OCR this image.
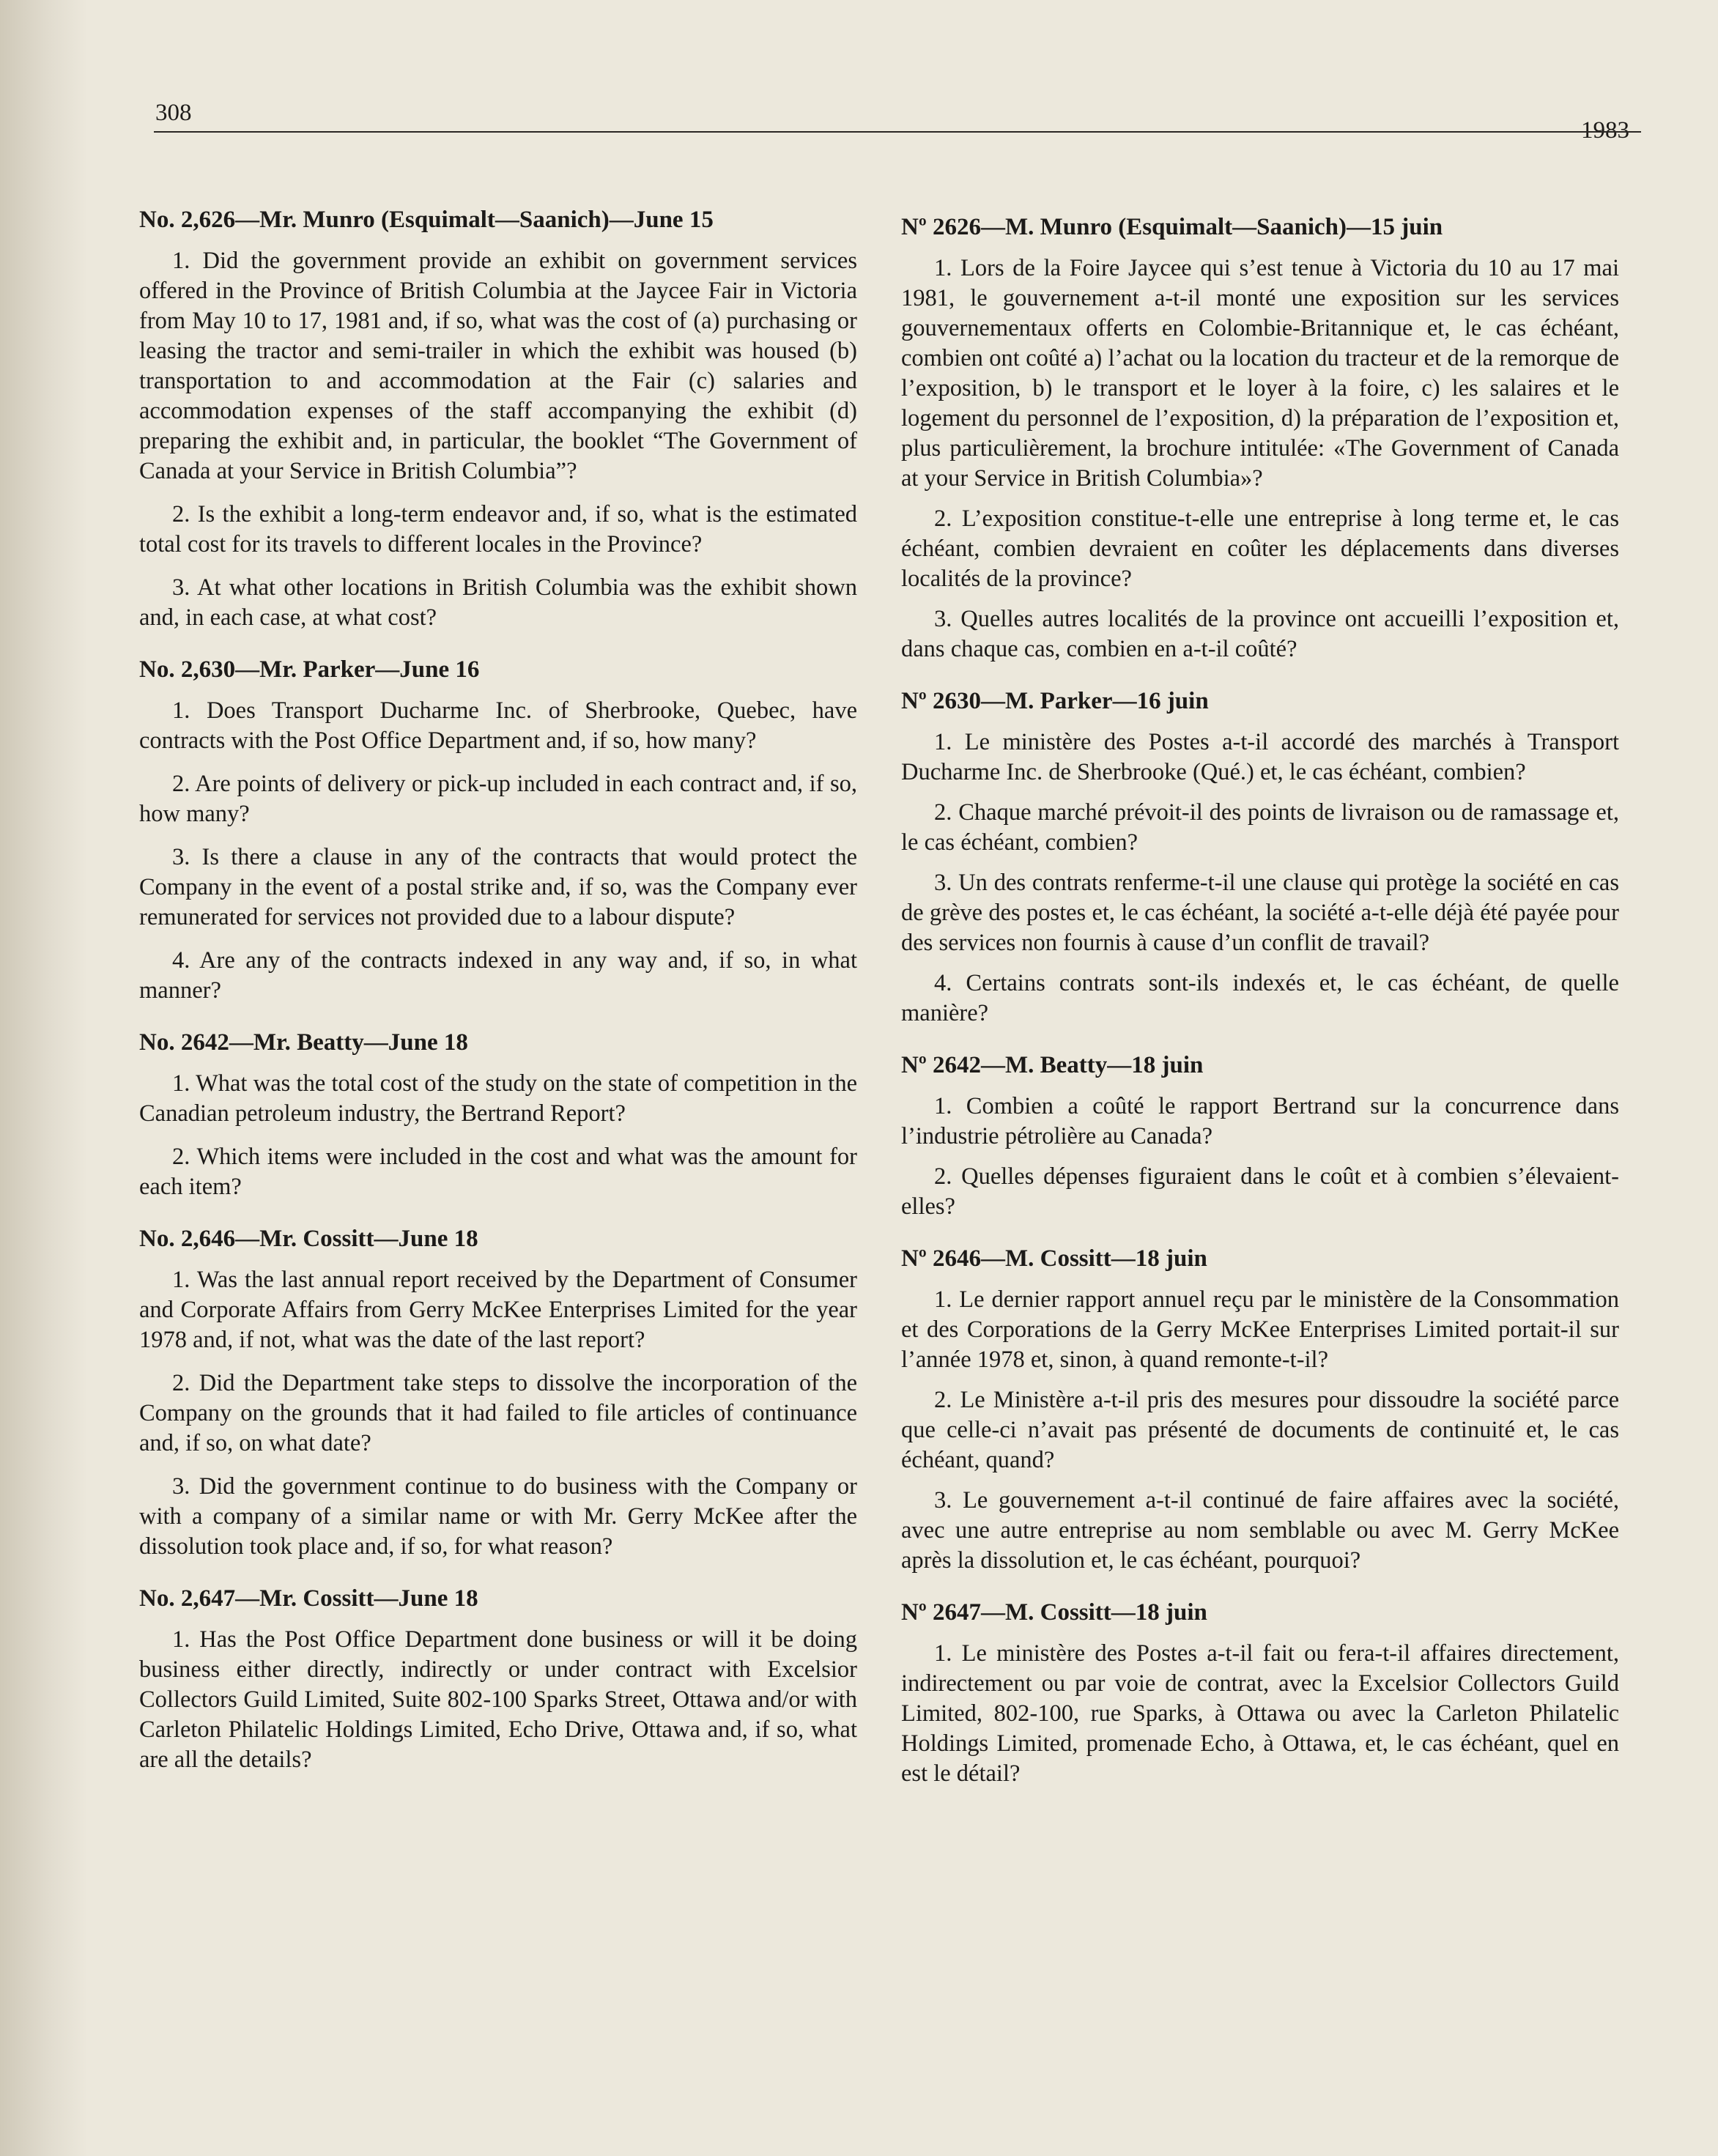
308
1983
No. 2,626—Mr. Munro (Esquimalt—Saanich)—June 15

1. Did the government provide an exhibit on government services offered in the Province of British Columbia at the Jaycee Fair in Victoria from May 10 to 17, 1981 and, if so, what was the cost of (a) purchasing or leasing the tractor and semi-trailer in which the exhibit was housed (b) transportation to and accommodation at the Fair (c) salaries and accommodation expenses of the staff accompanying the exhibit (d) preparing the exhibit and, in particular, the booklet “The Government of Canada at your Service in British Columbia”?

2. Is the exhibit a long-term endeavor and, if so, what is the estimated total cost for its travels to different locales in the Province?

3. At what other locations in British Columbia was the exhibit shown and, in each case, at what cost?

No. 2,630—Mr. Parker—June 16

1. Does Transport Ducharme Inc. of Sherbrooke, Quebec, have contracts with the Post Office Department and, if so, how many?

2. Are points of delivery or pick-up included in each contract and, if so, how many?

3. Is there a clause in any of the contracts that would protect the Company in the event of a postal strike and, if so, was the Company ever remunerated for services not provided due to a labour dispute?

4. Are any of the contracts indexed in any way and, if so, in what manner?

No. 2642—Mr. Beatty—June 18

1. What was the total cost of the study on the state of competition in the Canadian petroleum industry, the Bertrand Report?

2. Which items were included in the cost and what was the amount for each item?

No. 2,646—Mr. Cossitt—June 18

1. Was the last annual report received by the Department of Consumer and Corporate Affairs from Gerry McKee Enterprises Limited for the year 1978 and, if not, what was the date of the last report?

2. Did the Department take steps to dissolve the incorporation of the Company on the grounds that it had failed to file articles of continuance and, if so, on what date?

3. Did the government continue to do business with the Company or with a company of a similar name or with Mr. Gerry McKee after the dissolution took place and, if so, for what reason?

No. 2,647—Mr. Cossitt—June 18

1. Has the Post Office Department done business or will it be doing business either directly, indirectly or under contract with Excelsior Collectors Guild Limited, Suite 802-100 Sparks Street, Ottawa and/or with Carleton Philatelic Holdings Limited, Echo Drive, Ottawa and, if so, what are all the details?

Nº 2626—M. Munro (Esquimalt—Saanich)—15 juin

1. Lors de la Foire Jaycee qui s’est tenue à Victoria du 10 au 17 mai 1981, le gouvernement a-t-il monté une exposition sur les services gouvernementaux offerts en Colombie-Britannique et, le cas échéant, combien ont coûté a) l’achat ou la location du tracteur et de la remorque de l’exposition, b) le transport et le loyer à la foire, c) les salaires et le logement du personnel de l’exposition, d) la préparation de l’exposition et, plus particulièrement, la brochure intitulée: «The Government of Canada at your Service in British Columbia»?

2. L’exposition constitue-t-elle une entreprise à long terme et, le cas échéant, combien devraient en coûter les déplacements dans diverses localités de la province?

3. Quelles autres localités de la province ont accueilli l’exposition et, dans chaque cas, combien en a-t-il coûté?

Nº 2630—M. Parker—16 juin

1. Le ministère des Postes a-t-il accordé des marchés à Transport Ducharme Inc. de Sherbrooke (Qué.) et, le cas échéant, combien?

2. Chaque marché prévoit-il des points de livraison ou de ramassage et, le cas échéant, combien?

3. Un des contrats renferme-t-il une clause qui protège la société en cas de grève des postes et, le cas échéant, la société a-t-elle déjà été payée pour des services non fournis à cause d’un conflit de travail?

4. Certains contrats sont-ils indexés et, le cas échéant, de quelle manière?

Nº 2642—M. Beatty—18 juin

1. Combien a coûté le rapport Bertrand sur la concurrence dans l’industrie pétrolière au Canada?

2. Quelles dépenses figuraient dans le coût et à combien s’élevaient-elles?

Nº 2646—M. Cossitt—18 juin

1. Le dernier rapport annuel reçu par le ministère de la Consommation et des Corporations de la Gerry McKee Enterprises Limited portait-il sur l’année 1978 et, sinon, à quand remonte-t-il?

2. Le Ministère a-t-il pris des mesures pour dissoudre la société parce que celle-ci n’avait pas présenté de documents de continuité et, le cas échéant, quand?

3. Le gouvernement a-t-il continué de faire affaires avec la société, avec une autre entreprise au nom semblable ou avec M. Gerry McKee après la dissolution et, le cas échéant, pourquoi?

Nº 2647—M. Cossitt—18 juin

1. Le ministère des Postes a-t-il fait ou fera-t-il affaires directement, indirectement ou par voie de contrat, avec la Excelsior Collectors Guild Limited, 802-100, rue Sparks, à Ottawa ou avec la Carleton Philatelic Holdings Limited, promenade Echo, à Ottawa, et, le cas échéant, quel en est le détail?
